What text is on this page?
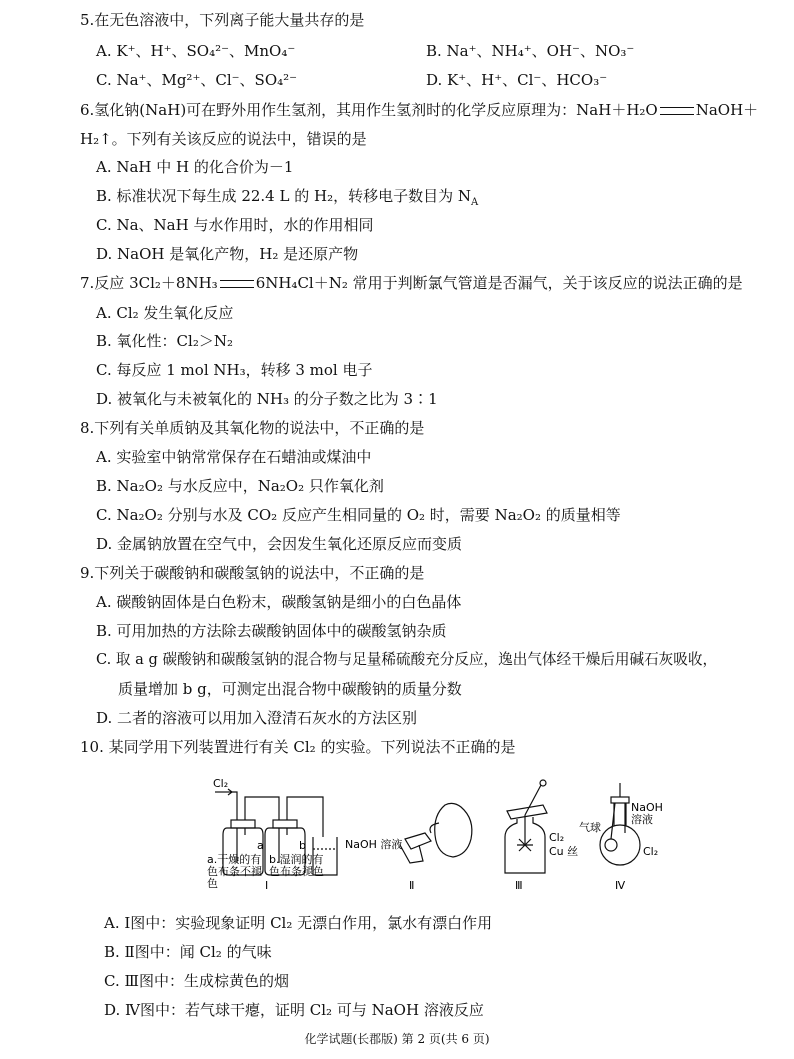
5.在无色溶液中，下列离子能大量共存的是
A. K⁺、H⁺、SO₄²⁻、MnO₄⁻	B. Na⁺、NH₄⁺、OH⁻、NO₃⁻
C. Na⁺、Mg²⁺、Cl⁻、SO₄²⁻	D. K⁺、H⁺、Cl⁻、HCO₃⁻
6.氢化钠(NaH)可在野外用作生氢剂，其用作生氢剂时的化学反应原理为：NaH＋H₂O	NaOH＋
H₂↑。下列有关该反应的说法中，错误的是
A. NaH 中 H 的化合价为－1
B. 标准状况下每生成 22.4 L 的 H₂，转移电子数目为 $N_A$
C. Na、NaH 与水作用时，水的作用相同
D. NaOH 是氧化产物，H₂ 是还原产物
7.反应 3Cl₂＋8NH₃	6NH₄Cl＋N₂ 常用于判断氯气管道是否漏气，关于该反应的说法正确的是
A. Cl₂ 发生氧化反应
B. 氧化性：Cl₂＞N₂
C. 每反应 1 mol NH₃，转移 3 mol 电子
D. 被氧化与未被氧化的 NH₃ 的分子数之比为 3∶1
8.下列有关单质钠及其氧化物的说法中，不正确的是
A. 实验室中钠常常保存在石蜡油或煤油中
B. Na₂O₂ 与水反应中，Na₂O₂ 只作氧化剂
C. Na₂O₂ 分别与水及 CO₂ 反应产生相同量的 O₂ 时，需要 Na₂O₂ 的质量相等
D. 金属钠放置在空气中，会因发生氧化还原反应而变质
9.下列关于碳酸钠和碳酸氢钠的说法中，不正确的是
A. 碳酸钠固体是白色粉末，碳酸氢钠是细小的白色晶体
B. 可用加热的方法除去碳酸钠固体中的碳酸氢钠杂质
C. 取 a g 碳酸钠和碳酸氢钠的混合物与足量稀硫酸充分反应，逸出气体经干燥后用碱石灰吸收，
质量增加 b g，可测定出混合物中碳酸钠的质量分数
D. 二者的溶液可以用加入澄清石灰水的方法区别
10. 某同学用下列装置进行有关 Cl₂ 的实验。下列说法不正确的是
Cl₂
a	b	NaOH 溶液
a.干燥的有
色布条不褪
色
b.湿润的有
色布条褪色
Ⅰ	Ⅱ	Ⅲ	Ⅳ
Cl₂
Cu 丝
气球
NaOH
溶液
Cl₂
A. Ⅰ图中：实验现象证明 Cl₂ 无漂白作用，氯水有漂白作用
B. Ⅱ图中：闻 Cl₂ 的气味
C. Ⅲ图中：生成棕黄色的烟
D. Ⅳ图中：若气球干瘪，证明 Cl₂ 可与 NaOH 溶液反应
化学试题(长郡版) 第 2 页(共 6 页)
